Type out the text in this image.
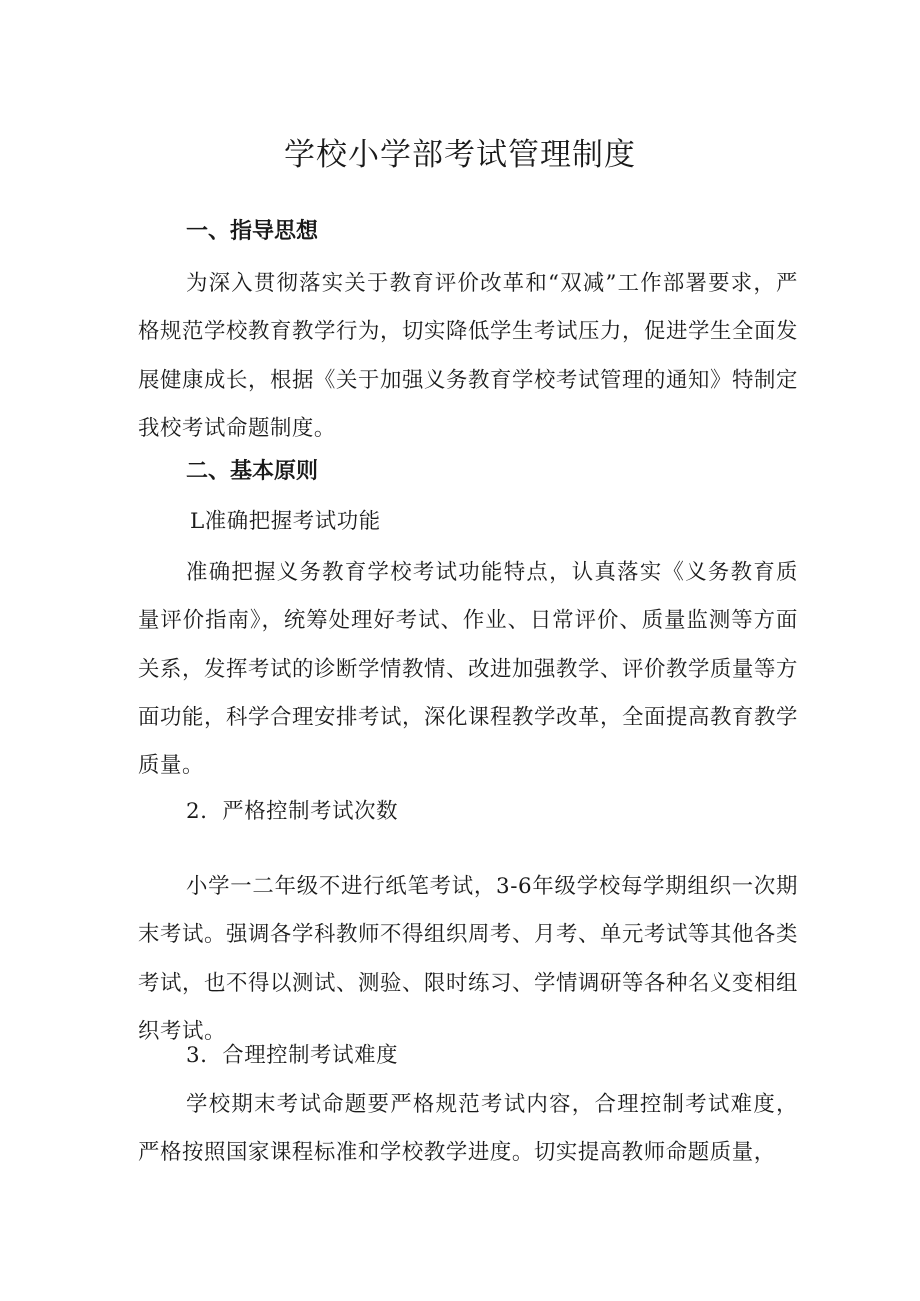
学校小学部考试管理制度
一、指导思想

为深入贯彻落实关于教育评价改革和“双减”工作部署要求，严格规范学校教育教学行为，切实降低学生考试压力，促进学生全面发展健康成长，根据《关于加强义务教育学校考试管理的通知》特制定我校考试命题制度。

二、基本原则

L准确把握考试功能

准确把握义务教育学校考试功能特点，认真落实《义务教育质量评价指南》，统筹处理好考试、作业、日常评价、质量监测等方面关系，发挥考试的诊断学情教情、改进加强教学、评价教学质量等方面功能，科学合理安排考试，深化课程教学改革，全面提高教育教学质量。

2．严格控制考试次数

小学一二年级不进行纸笔考试，3-6年级学校每学期组织一次期末考试。强调各学科教师不得组织周考、月考、单元考试等其他各类考试，也不得以测试、测验、限时练习、学情调研等各种名义变相组织考试。

3．合理控制考试难度

学校期末考试命题要严格规范考试内容，合理控制考试难度，严格按照国家课程标准和学校教学进度。切实提高教师命题质量，
